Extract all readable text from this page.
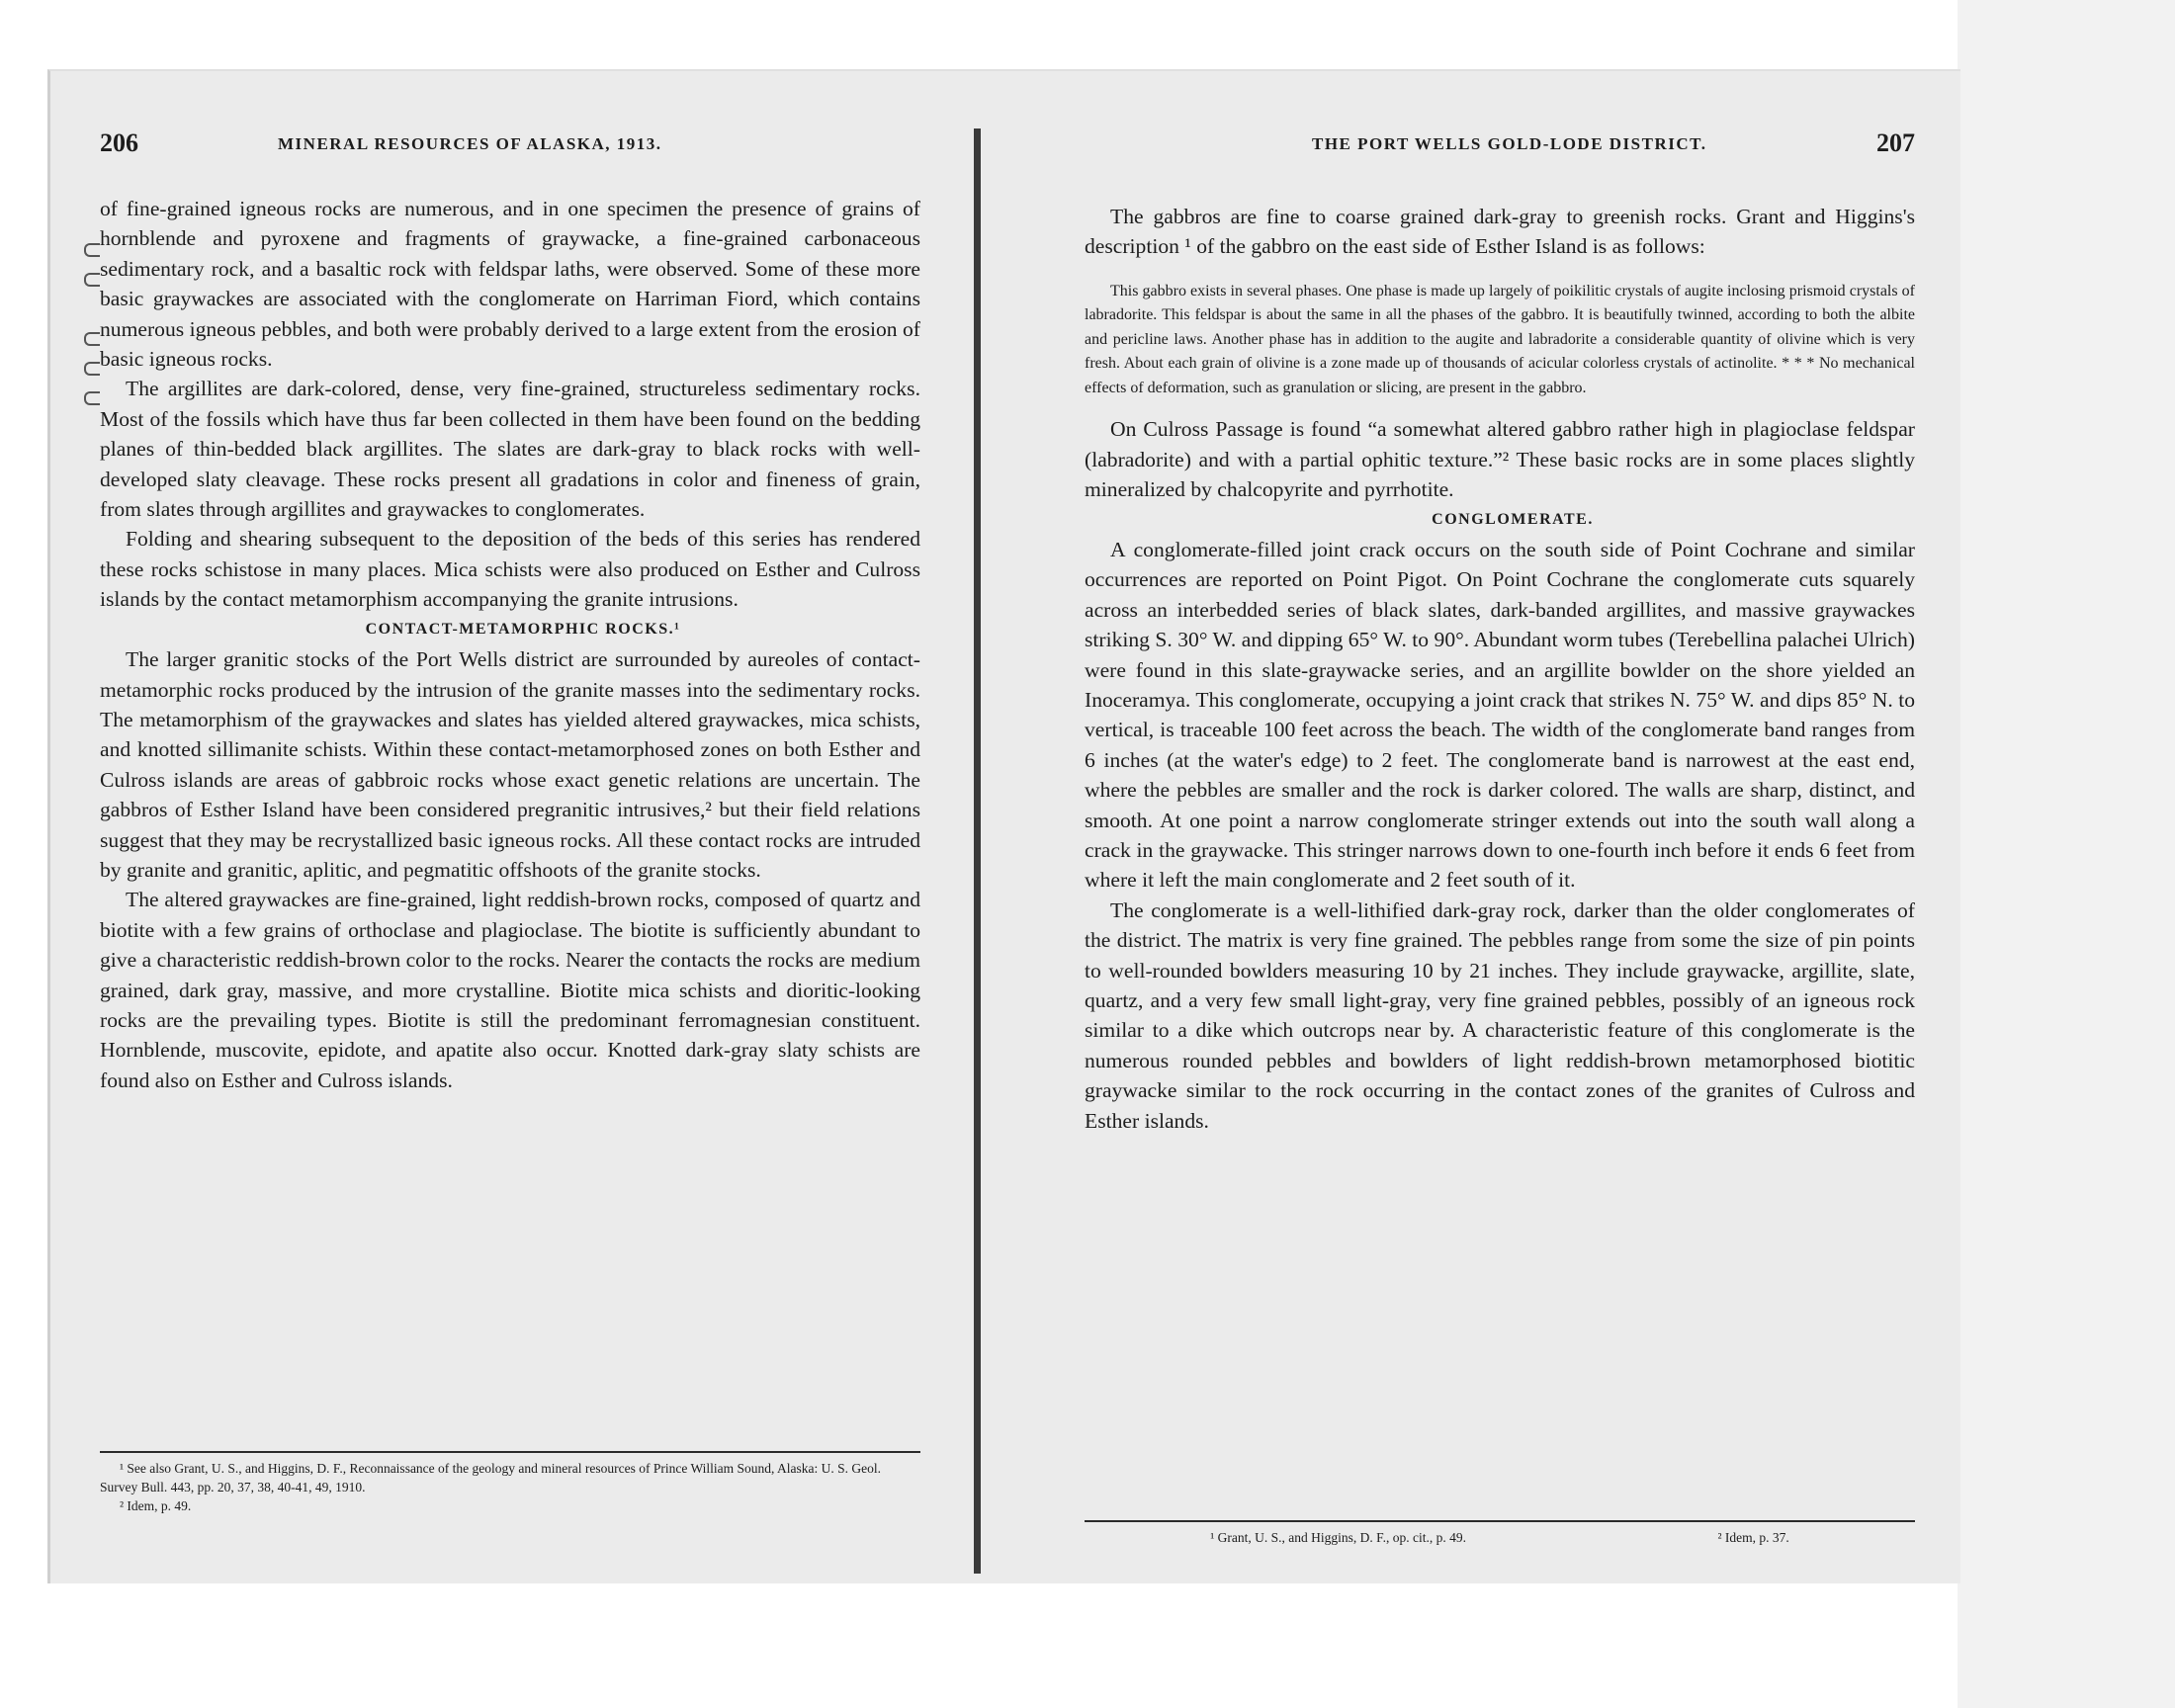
206	MINERAL RESOURCES OF ALASKA, 1913.

of fine-grained igneous rocks are numerous, and in one specimen the presence of grains of hornblende and pyroxene and fragments of graywacke, a fine-grained carbonaceous sedimentary rock, and a basaltic rock with feldspar laths, were observed. Some of these more basic graywackes are associated with the conglomerate on Harriman Fiord, which contains numerous igneous pebbles, and both were probably derived to a large extent from the erosion of basic igneous rocks.

The argillites are dark-colored, dense, very fine-grained, structureless sedimentary rocks. Most of the fossils which have thus far been collected in them have been found on the bedding planes of thin-bedded black argillites. The slates are dark-gray to black rocks with well-developed slaty cleavage. These rocks present all gradations in color and fineness of grain, from slates through argillites and graywackes to conglomerates.

Folding and shearing subsequent to the deposition of the beds of this series has rendered these rocks schistose in many places. Mica schists were also produced on Esther and Culross islands by the contact metamorphism accompanying the granite intrusions.

CONTACT-METAMORPHIC ROCKS.¹

The larger granitic stocks of the Port Wells district are surrounded by aureoles of contact-metamorphic rocks produced by the intrusion of the granite masses into the sedimentary rocks. The metamorphism of the graywackes and slates has yielded altered graywackes, mica schists, and knotted sillimanite schists. Within these contact-metamorphosed zones on both Esther and Culross islands are areas of gabbroic rocks whose exact genetic relations are uncertain. The gabbros of Esther Island have been considered pregranitic intrusives,² but their field relations suggest that they may be recrystallized basic igneous rocks. All these contact rocks are intruded by granite and granitic, aplitic, and pegmatitic offshoots of the granite stocks.

The altered graywackes are fine-grained, light reddish-brown rocks, composed of quartz and biotite with a few grains of orthoclase and plagioclase. The biotite is sufficiently abundant to give a characteristic reddish-brown color to the rocks. Nearer the contacts the rocks are medium grained, dark gray, massive, and more crystalline. Biotite mica schists and dioritic-looking rocks are the prevailing types. Biotite is still the predominant ferromagnesian constituent. Hornblende, muscovite, epidote, and apatite also occur. Knotted dark-gray slaty schists are found also on Esther and Culross islands.

¹ See also Grant, U. S., and Higgins, D. F., Reconnaissance of the geology and mineral resources of Prince William Sound, Alaska: U. S. Geol. Survey Bull. 443, pp. 20, 37, 38, 40-41, 49, 1910.

² Idem, p. 49.

THE PORT WELLS GOLD-LODE DISTRICT.	207

The gabbros are fine to coarse grained dark-gray to greenish rocks. Grant and Higgins's description ¹ of the gabbro on the east side of Esther Island is as follows:

This gabbro exists in several phases. One phase is made up largely of poikilitic crystals of augite inclosing prismoid crystals of labradorite. This feldspar is about the same in all the phases of the gabbro. It is beautifully twinned, according to both the albite and pericline laws. Another phase has in addition to the augite and labradorite a considerable quantity of olivine which is very fresh. About each grain of olivine is a zone made up of thousands of acicular colorless crystals of actinolite. * * * No mechanical effects of deformation, such as granulation or slicing, are present in the gabbro.

On Culross Passage is found “a somewhat altered gabbro rather high in plagioclase feldspar (labradorite) and with a partial ophitic texture.”² These basic rocks are in some places slightly mineralized by chalcopyrite and pyrrhotite.

CONGLOMERATE.

A conglomerate-filled joint crack occurs on the south side of Point Cochrane and similar occurrences are reported on Point Pigot. On Point Cochrane the conglomerate cuts squarely across an interbedded series of black slates, dark-banded argillites, and massive graywackes striking S. 30° W. and dipping 65° W. to 90°. Abundant worm tubes (Terebellina palachei Ulrich) were found in this slate-graywacke series, and an argillite bowlder on the shore yielded an Inoceramya. This conglomerate, occupying a joint crack that strikes N. 75° W. and dips 85° N. to vertical, is traceable 100 feet across the beach. The width of the conglomerate band ranges from 6 inches (at the water's edge) to 2 feet. The conglomerate band is narrowest at the east end, where the pebbles are smaller and the rock is darker colored. The walls are sharp, distinct, and smooth. At one point a narrow conglomerate stringer extends out into the south wall along a crack in the graywacke. This stringer narrows down to one-fourth inch before it ends 6 feet from where it left the main conglomerate and 2 feet south of it.

The conglomerate is a well-lithified dark-gray rock, darker than the older conglomerates of the district. The matrix is very fine grained. The pebbles range from some the size of pin points to well-rounded bowlders measuring 10 by 21 inches. They include graywacke, argillite, slate, quartz, and a very few small light-gray, very fine grained pebbles, possibly of an igneous rock similar to a dike which outcrops near by. A characteristic feature of this conglomerate is the numerous rounded pebbles and bowlders of light reddish-brown metamorphosed biotitic graywacke similar to the rock occurring in the contact zones of the granites of Culross and Esther islands.

¹ Grant, U. S., and Higgins, D. F., op. cit., p. 49.	² Idem, p. 37.
